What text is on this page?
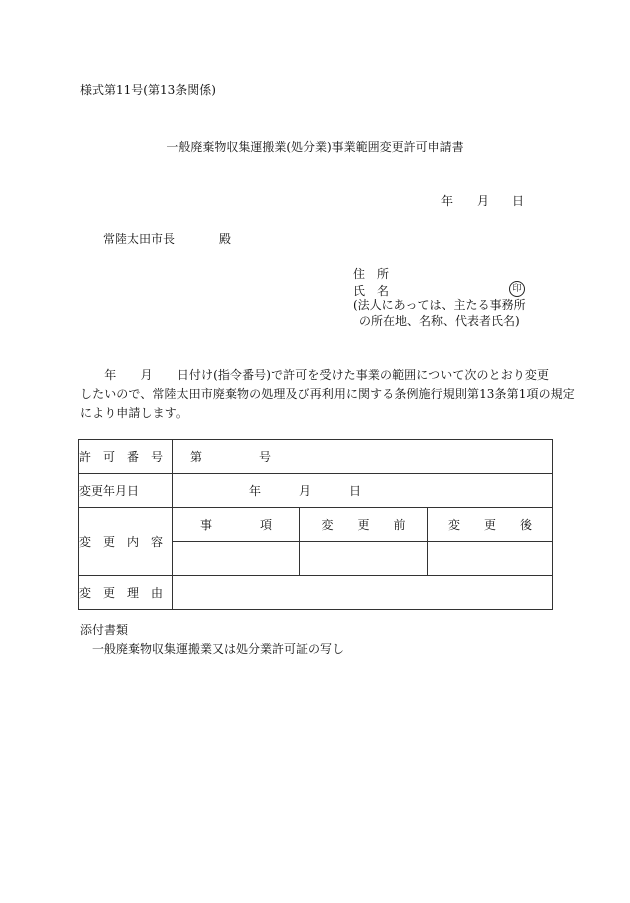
様式第11号(第13条関係)
一般廃棄物収集運搬業(処分業)事業範囲変更許可申請書
年 月 日
常陸太田市長	殿
住　所
氏　名	印
(法人にあっては、主たる事務所
の所在地、名称、代表者氏名)
　　年　　月　　日付け(指令番号)で許可を受けた事業の範囲について次のとおり変更
したいので、常陸太田市廃棄物の処理及び再利用に関する条例施行規則第13条第1項の規定
により申請します。
許　可　番　号	第 号		
変更年月日	年 月 日		
変　更　内　容	事　　　　項	変　　更　　前	変　　更　　後

変　更　理　由			
添付書類
一般廃棄物収集運搬業又は処分業許可証の写し
